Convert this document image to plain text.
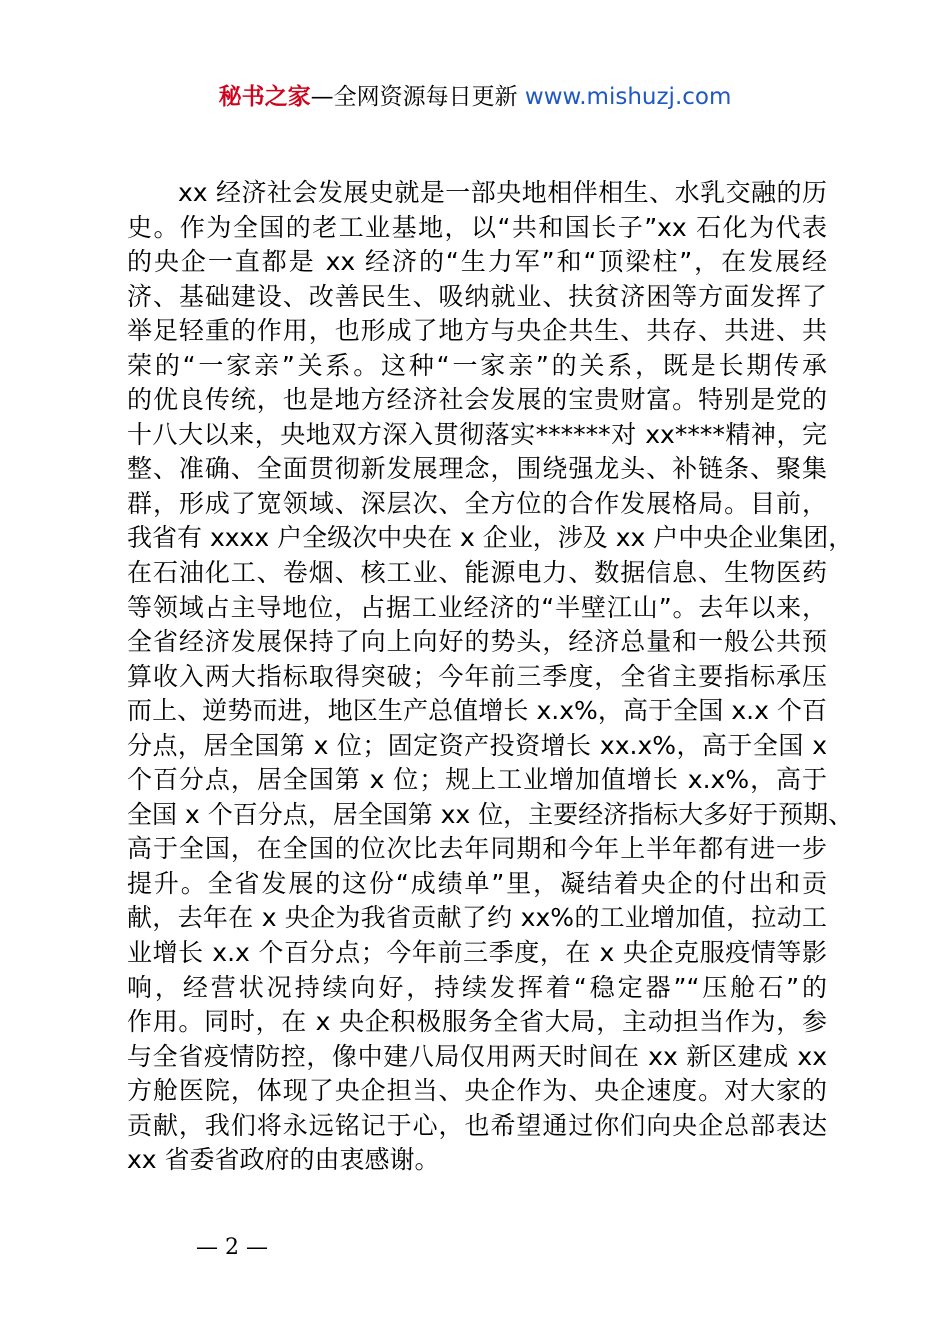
秘书之家—全网资源每日更新 www.mishuzj.com
xx 经济社会发展史就是一部央地相伴相生、水乳交融的历
史。作为全国的老工业基地，以“共和国长子”xx 石化为代表
的央企一直都是 xx 经济的“生力军”和“顶梁柱”，在发展经
济、基础建设、改善民生、吸纳就业、扶贫济困等方面发挥了
举足轻重的作用，也形成了地方与央企共生、共存、共进、共
荣的“一家亲”关系。这种“一家亲”的关系，既是长期传承
的优良传统，也是地方经济社会发展的宝贵财富。特别是党的
十八大以来，央地双方深入贯彻落实******对 xx****精神，完
整、准确、全面贯彻新发展理念，围绕强龙头、补链条、聚集
群，形成了宽领域、深层次、全方位的合作发展格局。目前，
我省有 xxxx 户全级次中央在 x 企业，涉及 xx 户中央企业集团，
在石油化工、卷烟、核工业、能源电力、数据信息、生物医药
等领域占主导地位，占据工业经济的“半壁江山”。去年以来，
全省经济发展保持了向上向好的势头，经济总量和一般公共预
算收入两大指标取得突破；今年前三季度，全省主要指标承压
而上、逆势而进，地区生产总值增长 x.x%，高于全国 x.x 个百
分点，居全国第 x 位；固定资产投资增长 xx.x%，高于全国 x
个百分点，居全国第 x 位；规上工业增加值增长 x.x%，高于
全国 x 个百分点，居全国第 xx 位，主要经济指标大多好于预期、
高于全国，在全国的位次比去年同期和今年上半年都有进一步
提升。全省发展的这份“成绩单”里，凝结着央企的付出和贡
献，去年在 x 央企为我省贡献了约 xx%的工业增加值，拉动工
业增长 x.x 个百分点；今年前三季度，在 x 央企克服疫情等影
响，经营状况持续向好，持续发挥着“稳定器”“压舱石”的
作用。同时，在 x 央企积极服务全省大局，主动担当作为，参
与全省疫情防控，像中建八局仅用两天时间在 xx 新区建成 xx
方舱医院，体现了央企担当、央企作为、央企速度。对大家的
贡献，我们将永远铭记于心，也希望通过你们向央企总部表达
xx 省委省政府的由衷感谢。
— 2 —
